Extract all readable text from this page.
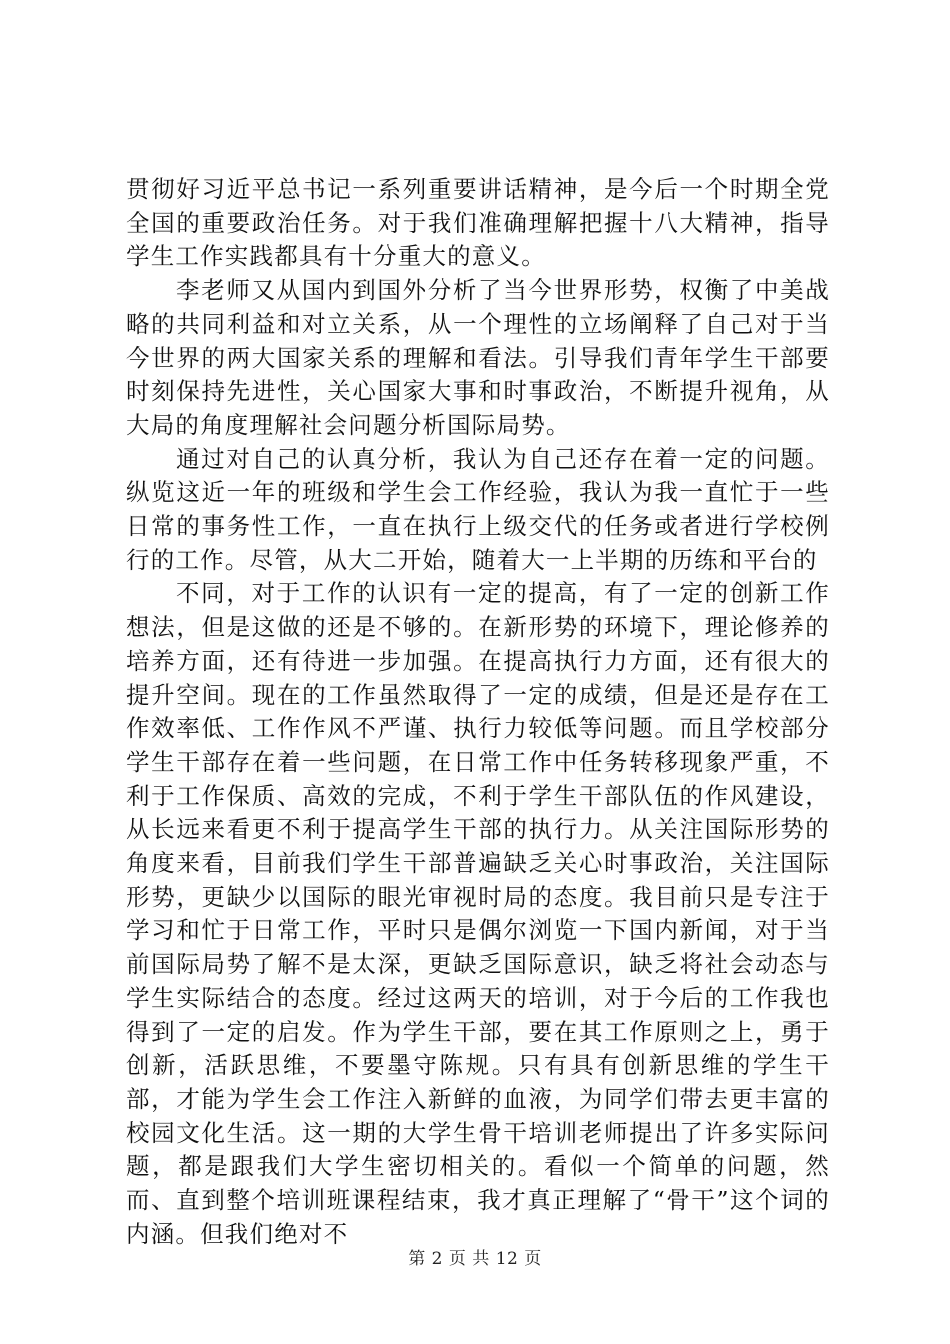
贯彻好习近平总书记一系列重要讲话精神，是今后一个时期全党全国的重要政治任务。对于我们准确理解把握十八大精神，指导学生工作实践都具有十分重大的意义。

李老师又从国内到国外分析了当今世界形势，权衡了中美战略的共同利益和对立关系，从一个理性的立场阐释了自己对于当今世界的两大国家关系的理解和看法。引导我们青年学生干部要时刻保持先进性，关心国家大事和时事政治，不断提升视角，从大局的角度理解社会问题分析国际局势。

通过对自己的认真分析，我认为自己还存在着一定的问题。纵览这近一年的班级和学生会工作经验，我认为我一直忙于一些日常的事务性工作，一直在执行上级交代的任务或者进行学校例行的工作。尽管，从大二开始，随着大一上半期的历练和平台的

不同，对于工作的认识有一定的提高，有了一定的创新工作想法，但是这做的还是不够的。在新形势的环境下，理论修养的培养方面，还有待进一步加强。在提高执行力方面，还有很大的提升空间。现在的工作虽然取得了一定的成绩，但是还是存在工作效率低、工作作风不严谨、执行力较低等问题。而且学校部分学生干部存在着一些问题，在日常工作中任务转移现象严重，不利于工作保质、高效的完成，不利于学生干部队伍的作风建设，从长远来看更不利于提高学生干部的执行力。从关注国际形势的角度来看，目前我们学生干部普遍缺乏关心时事政治，关注国际形势，更缺少以国际的眼光审视时局的态度。我目前只是专注于学习和忙于日常工作，平时只是偶尔浏览一下国内新闻，对于当前国际局势了解不是太深，更缺乏国际意识，缺乏将社会动态与学生实际结合的态度。经过这两天的培训，对于今后的工作我也得到了一定的启发。作为学生干部，要在其工作原则之上，勇于创新，活跃思维，不要墨守陈规。只有具有创新思维的学生干部，才能为学生会工作注入新鲜的血液，为同学们带去更丰富的校园文化生活。这一期的大学生骨干培训老师提出了许多实际问题，都是跟我们大学生密切相关的。看似一个简单的问题，然而、直到整个培训班课程结束，我才真正理解了“骨干”这个词的内涵。但我们绝对不

第 2 页 共 12 页
